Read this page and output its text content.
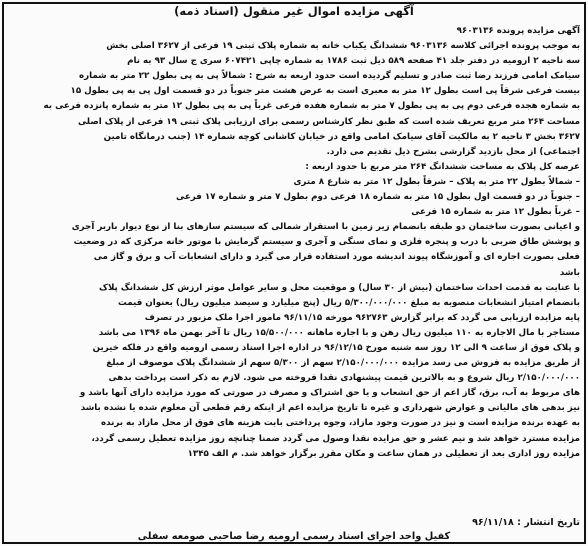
آگهی مزایده اموال غیر منقول (اسناد ذمه)
آگهی مزایده پرونده ۹۶۰۳۱۳۶
به موجب پرونده اجرائی کلاسه ۹۶۰۳۱۳۶ ششدانگ یکباب خانه به شماره پلاک ثبتی ۱۹ فرعی از ۳۶۲۷ اصلی بخش
سه ناحیه ۲ ارومیه در دفتر جلد ۴۱ صفحه ۵۸۹ ذیل ثبت ۱۷۸۶ به شماره چاپی ۶۰۷۴۲۱ سری ج سال ۹۳ به نام
سیامک امامی فرزند رضا ثبت صادر و تسلیم گردیده است حدود اربعه به شرح : شمالاً پی به پی بطول ۲۲ متر به شماره
بیست فرعی شرقاً پی است بطول ۱۲ متر به معبری است به عرض هشت متر جنوباً در دو قسمت اول پی به پی بطول ۱۵
به شماره هجده فرعی دوم پی به پی بطول ۷ متر به شماره هفده فرعی غرباً پی به پی بطول ۱۲ متر به شماره پانزده فرعی به
مساحت ۲۶۴ متر مربع تعریف شده است که طبق نظر کارشناس رسمی برای ارزیابی پلاک ثبتی ۱۹ فرعی از پلاک اصلی
۳۶۲۷ بخش ۳ ناحیه ۲ به مالکیت آقای سیامک امامی واقع در خیابان کاشانی کوچه شماره ۱۴ (جنب درمانگاه تامین
اجتماعی) از محل بازدید گزارشی بشرح ذیل تقدیم می دارد.
عرصه کل پلاک به مساحت ششدانگ ۲۶۴ متر مربع با حدود اربعه :
– شمالاً بطول ۲۲ متر به پلاک – شرقاً بطول ۱۲ متر به شارع ۸ متری
– جنوباً در دو قسمت اول بطول ۱۵ متر به شماره ۱۸ فرعی دوم بطول ۷ متر و شماره ۱۷ فرعی
– غرباً بطول ۱۲ متر به شماره ۱۵ فرعی
و اعیانی بصورت ساختمان دو طبقه بانضمام زیر زمین با استقرار شمالی که سیستم سازهای بنا از نوع دیوار باربر آجری
و پوشش طاق ضربی با درب و پنجره فلزی و نمای سنگی و آجری و سیستم گرمایش با موتور خانه مرکزی که در وضعیت
فعلی بصورت اجاره ای و آموزشگاه پیوند اندیشه مورد استفاده قرار می گیرد و دارای انشعابات آب و برق و گاز می
باشد
با عنایت به قدمت احداث ساختمان (بیش از ۳۰ سال) و موقعیت محل و سایر عوامل موثر ارزش کل ششدانگ پلاک
بانضمام امتیاز انشعابات منصوبه به مبلغ ۵/۳۰۰/۰۰۰/۰۰۰ ریال (پنج میلیارد و سیصد میلیون ریال) بعنوان قیمت
پایه مزایده ارزیابی می گردد که برابر گزارش ۹۶۲۷۶۳ مورخه ۹۶/۱۱/۱۵ مامور اجرا ملک مزبور در تصرف
مستاجر با مال الاجاره به ۱۱۰ میلیون ریال رهن و با اجاره ماهانه ۱۵/۵۰۰/۰۰۰ ریال تا آخر بهمن ماه ۱۳۹۶ می باشد
و پلاک فوق از ساعت ۹ الی ۱۲ روز سه شنبه مورخ ۹۶/۱۲/۱۵ در اداره اجرا اسناد رسمی ارومیه واقع در فلکه خیرین
از طریق مزایده به فروش می رسد مزایده ۲/۱۵۰/۰۰۰/۰۰۰ سهم از ۵/۳۰۰ سهم از ششدانگ پلاک موصوف از مبلغ
۲/۱۵۰/۰۰۰/۰۰۰ ریال شروع و به بالاترین قیمت پیشنهادی نقدا فروخته می شود. لازم به ذکر است پرداخت بدهی
های مربوط به آب، برق، گاز اعم از حق انشعاب و یا حق اشتراک و مصرف در صورتی که مورد مزایده دارای آنها باشد و
نیز بدهی های مالیاتی و عوارض شهرداری و غیره تا تاریخ مزایده اعم از اینکه رقم قطعی آن معلوم شده یا نشده باشد
به عهده برنده مزایده است و نیز در صورت وجود مازاد، وجوه پرداختی بابت هزینه های فوق از محل مازاد به برنده
مزایده مسترد خواهد شد و نیم عشر و حق مزایده نقدا وصول می گردد ضمنا چنانچه روز مزایده تعطیل رسمی گردد،
مزایده روز اداری بعد از تعطیلی در همان ساعت و مکان مقرر برگزار خواهد شد. م الف ۱۳۴۵
تاریخ انتشار : ۹۶/۱۱/۱۸
کفیل واحد اجرای اسناد رسمی ارومیه رضا صاحبی صومعه سفلی
